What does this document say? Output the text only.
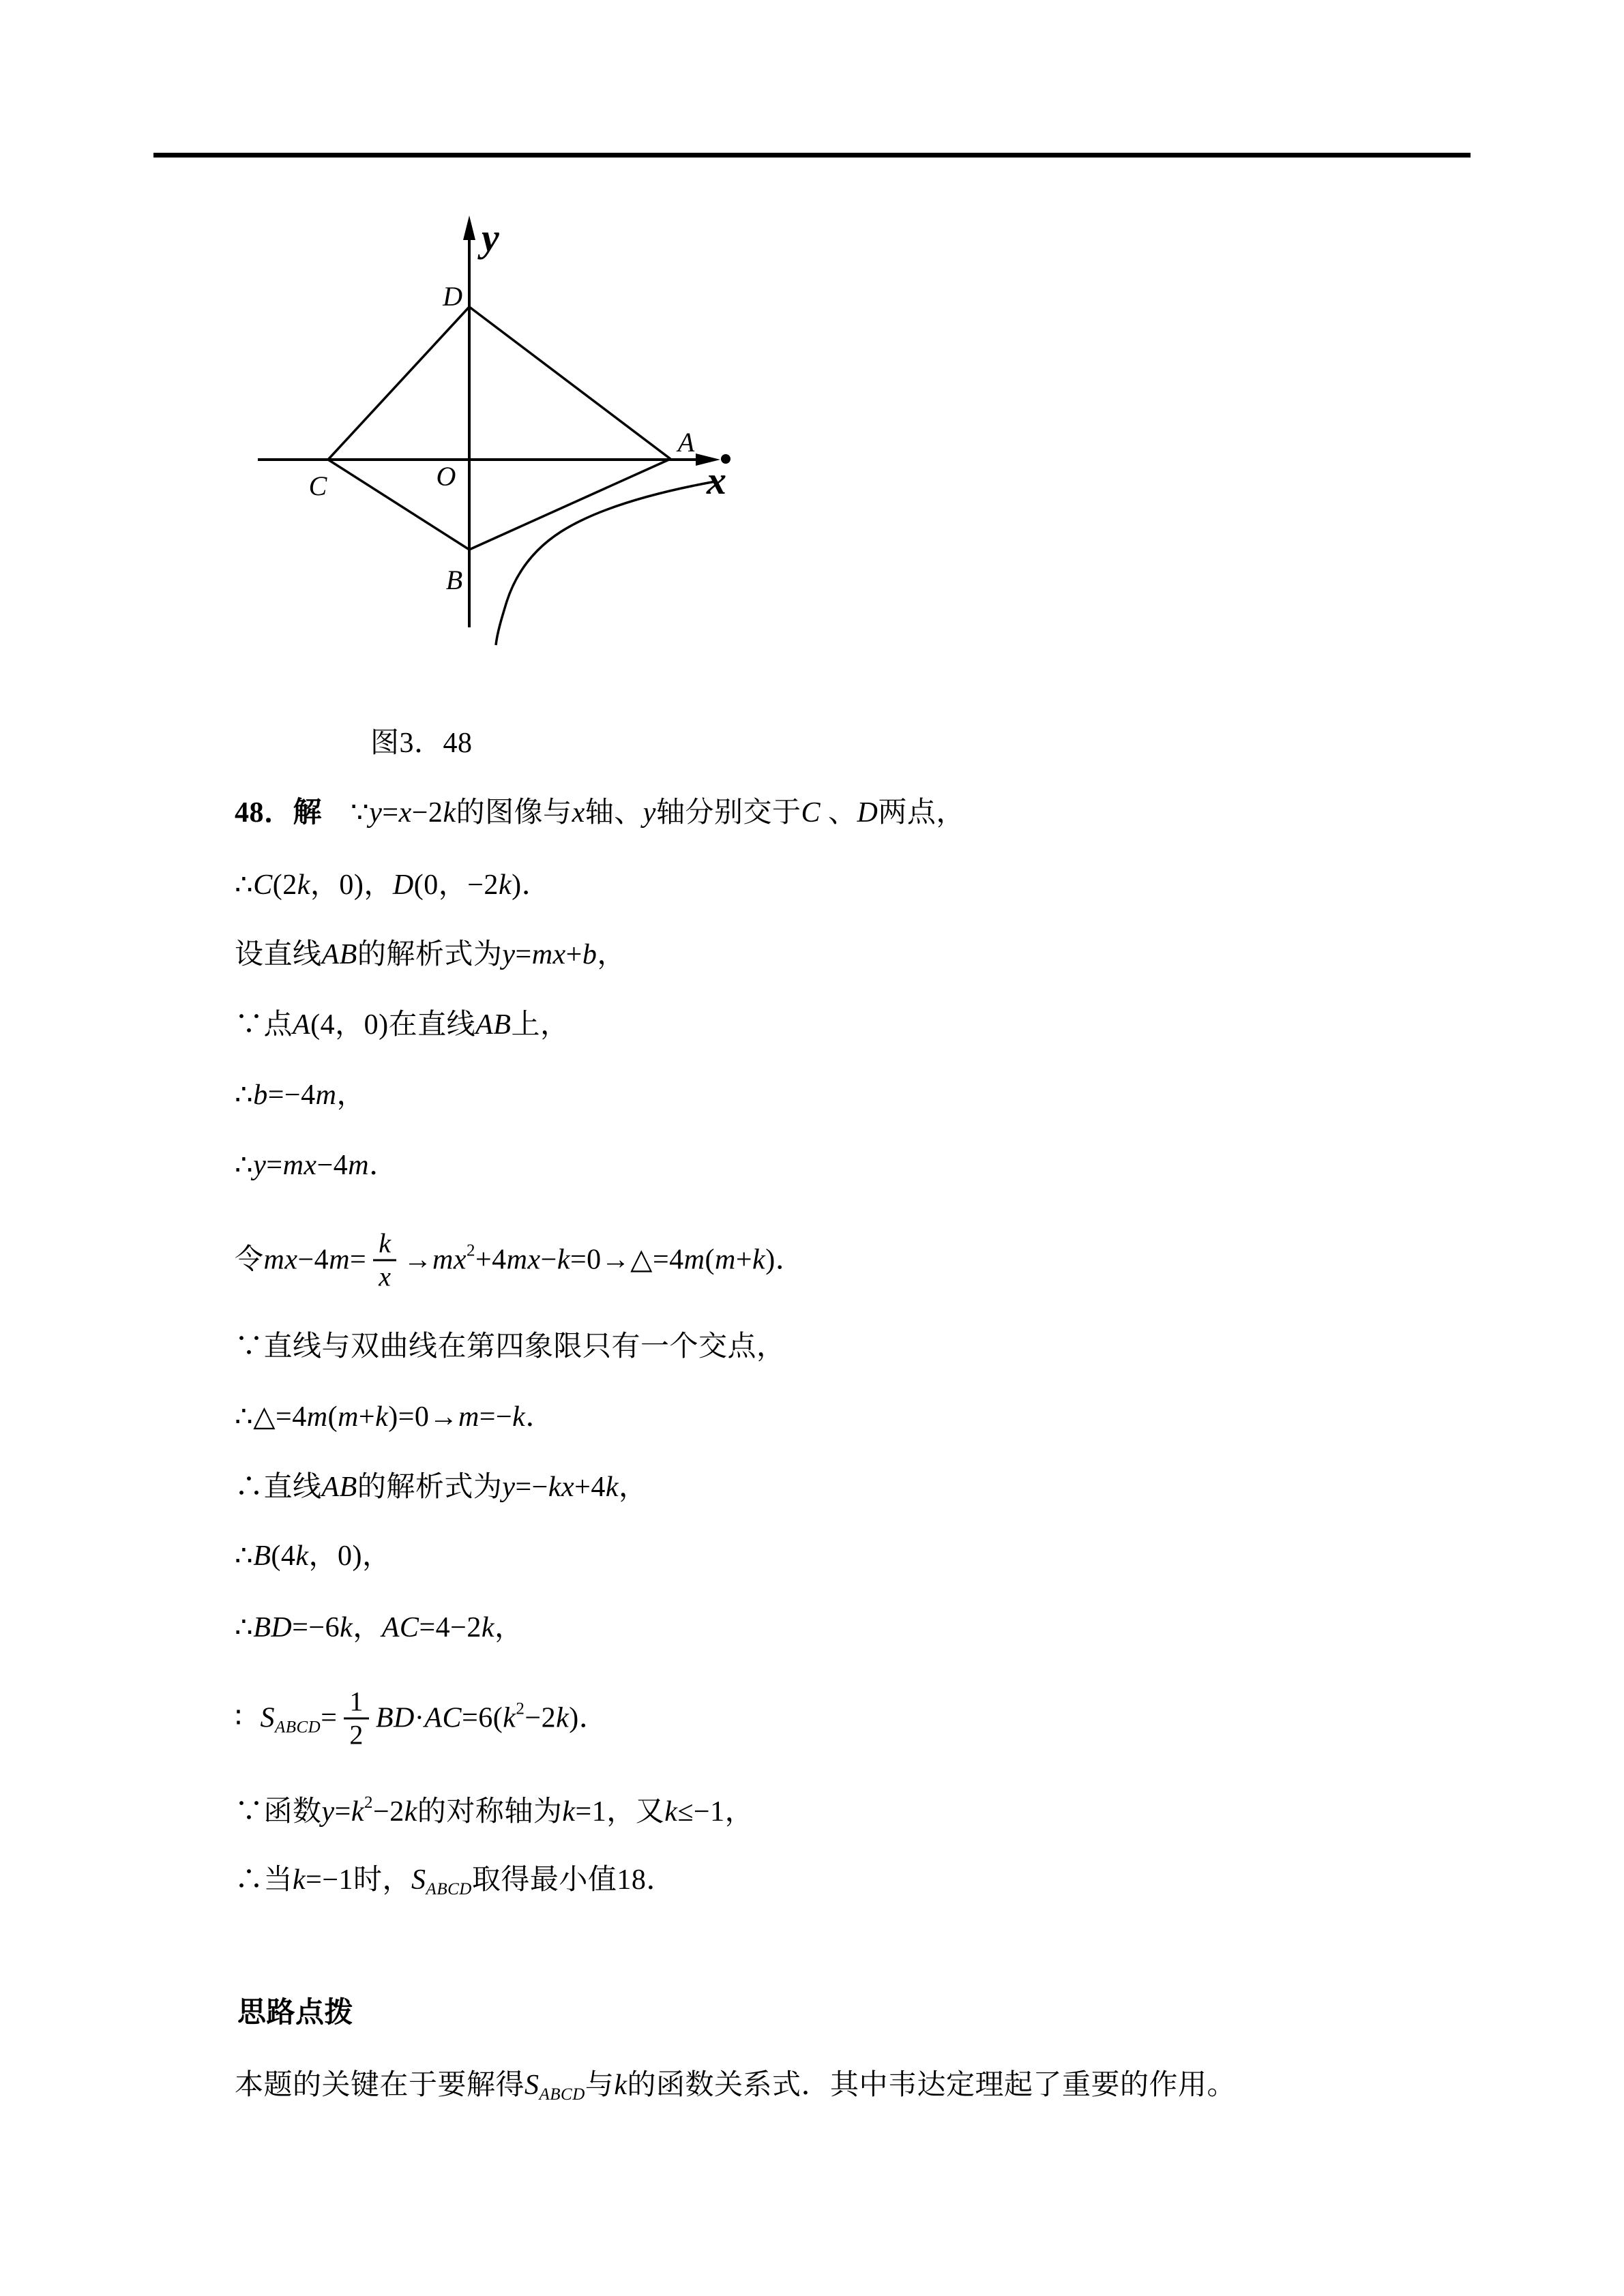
y
x
D
C	O
A
B
图3．48
48．解 ∵ y = x −2 k 的图像与 x 轴、 y 轴分别交于 C 、 D 两点，
∴ C (2 k ，0)， D (0，−2 k )．
设直线 AB 的解析式为 y = mx + b ，
∵点 A (4，0)在直线 AB 上，
∴ b =−4 m ，
∴ y = mx −4 m ．
令 mx −4 $m = \frac{k}{x}$ → mx 2 +4 mx − k =0→△=4 m ( m + k )．
∵直线与双曲线在第四象限只有一个交点，
∴△=4 m ( m + k )=0→ m =− k ．
∴直线 AB 的解析式为 y =− kx +4 k ，
∴ B (4 k ，0)，
∴ BD =−6 k ， AC =4−2 k ，
∶ S ABCD = $\frac{1}{2}$ BD · AC =6( k 2 −2 k )．
∵函数 y = k 2 −2 k 的对称轴为 k =1，又 k ≤−1，
∴当 k =−1时， S ABCD 取得最小值18．
思路点拨
本题的关键在于要解得 S ABCD 与 k 的函数关系式．其中韦达定理起了重要的作用。
